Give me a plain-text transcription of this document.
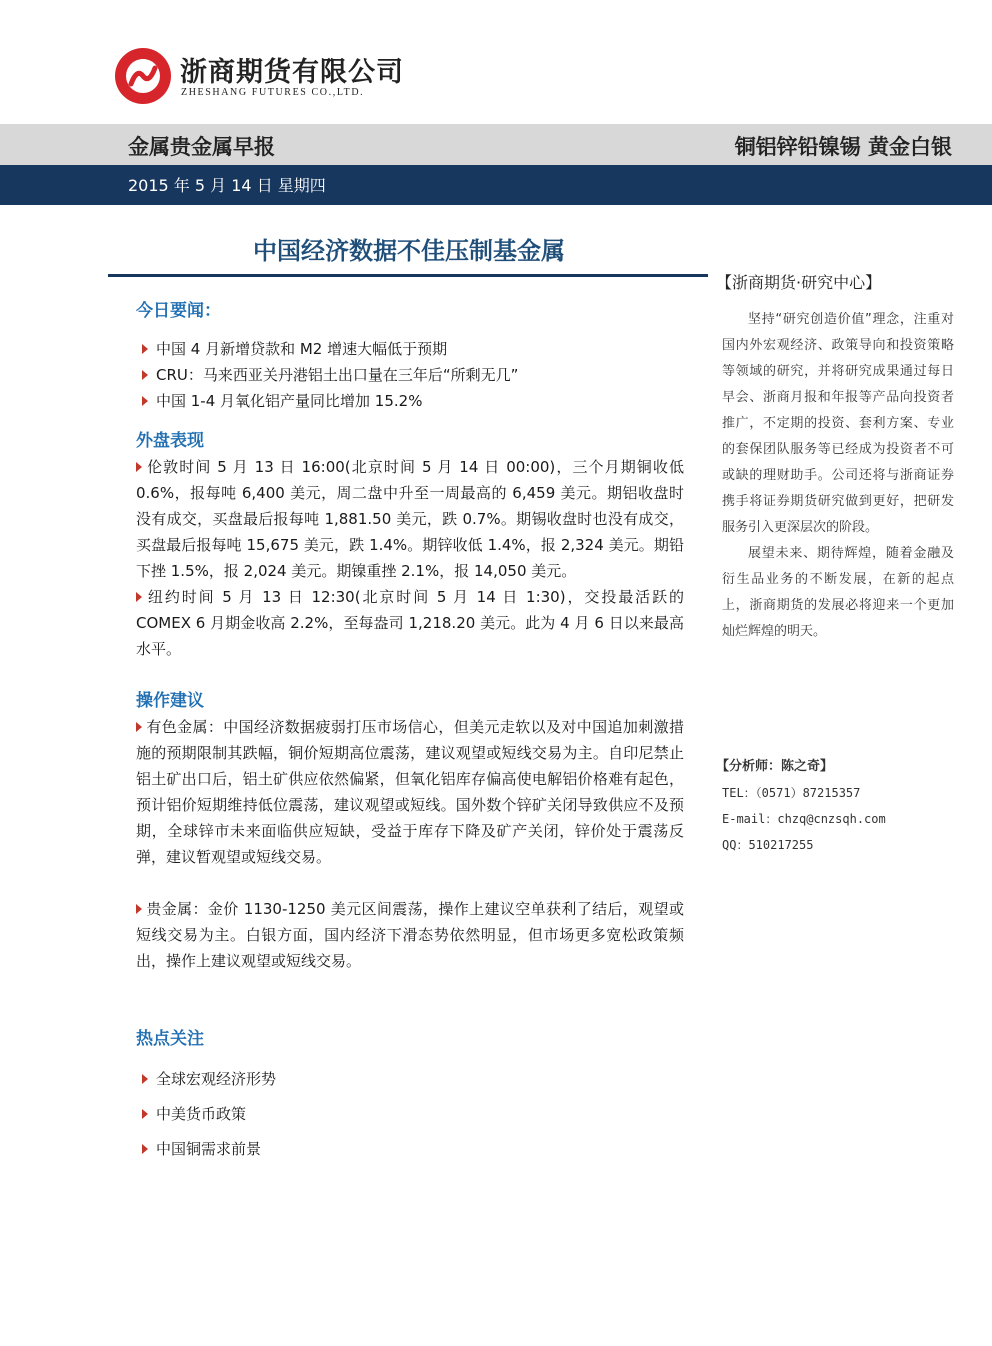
浙商期货有限公司
ZHESHANG FUTURES CO.,LTD.
金属贵金属早报	铜铝锌铅镍锡 黄金白银
2015 年 5 月 14 日 星期四
中国经济数据不佳压制基金属
今日要闻：
中国 4 月新增贷款和 M2 增速大幅低于预期
CRU：马来西亚关丹港铝土出口量在三年后“所剩无几”
中国 1-4 月氧化铝产量同比增加 15.2%
外盘表现

伦敦时间 5 月 13 日 16:00(北京时间 5 月 14 日 00:00)，三个月期铜收低 0.6%，报每吨 6,400 美元，周二盘中升至一周最高的 6,459 美元。期铝收盘时没有成交，买盘最后报每吨 1,881.50 美元，跌 0.7%。期锡收盘时也没有成交，买盘最后报每吨 15,675 美元，跌 1.4%。期锌收低 1.4%，报 2,324 美元。期铅下挫 1.5%，报 2,024 美元。期镍重挫 2.1%，报 14,050 美元。

纽约时间 5 月 13 日 12:30(北京时间 5 月 14 日 1:30)，交投最活跃的 COMEX 6 月期金收高 2.2%，至每盎司 1,218.20 美元。此为 4 月 6 日以来最高水平。

操作建议

有色金属：中国经济数据疲弱打压市场信心，但美元走软以及对中国追加刺激措施的预期限制其跌幅，铜价短期高位震荡，建议观望或短线交易为主。自印尼禁止铝土矿出口后，铝土矿供应依然偏紧，但氧化铝库存偏高使电解铝价格难有起色，预计铝价短期维持低位震荡，建议观望或短线。国外数个锌矿关闭导致供应不及预期，全球锌市未来面临供应短缺，受益于库存下降及矿产关闭，锌价处于震荡反弹，建议暂观望或短线交易。

贵金属：金价 1130-1250 美元区间震荡，操作上建议空单获利了结后，观望或短线交易为主。白银方面，国内经济下滑态势依然明显，但市场更多宽松政策频出，操作上建议观望或短线交易。

热点关注
全球宏观经济形势
中美货币政策
中国铜需求前景
【浙商期货·研究中心】

坚持“研究创造价值”理念，注重对国内外宏观经济、政策导向和投资策略等领域的研究，并将研究成果通过每日早会、浙商月报和年报等产品向投资者推广，不定期的投资、套利方案、专业的套保团队服务等已经成为投资者不可或缺的理财助手。公司还将与浙商证券携手将证券期货研究做到更好，把研发服务引入更深层次的阶段。

展望未来、期待辉煌，随着金融及衍生品业务的不断发展，在新的起点上，浙商期货的发展必将迎来一个更加灿烂辉煌的明天。

【分析师：陈之奇】
TEL：（0571）87215357
E-mail：chzq@cnzsqh.com
QQ：510217255
